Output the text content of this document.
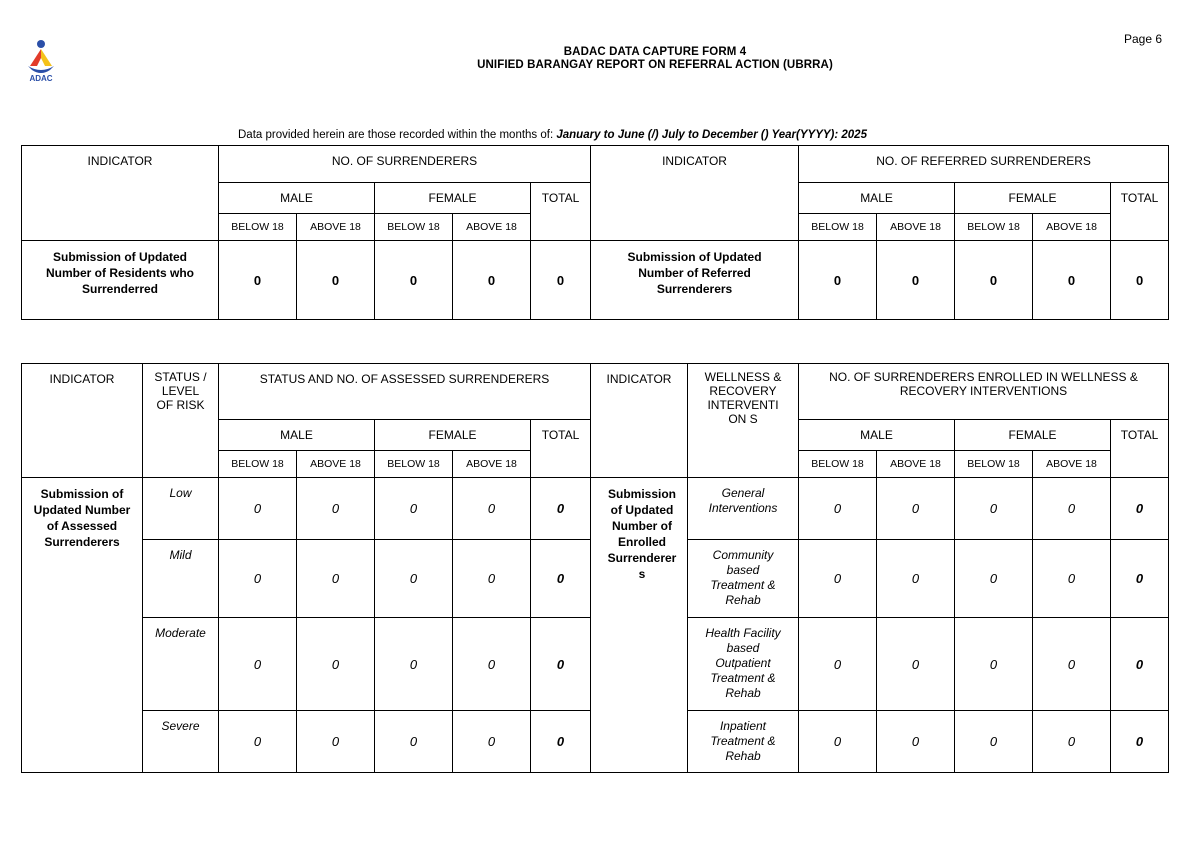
Page 6
ADAC
BADAC DATA CAPTURE FORM 4
UNIFIED BARANGAY REPORT ON REFERRAL ACTION (UBRRA)
Data provided herein are those recorded within the months of: January to June (/) July to December () Year(YYYY): 2025
INDICATOR	NO. OF SURRENDERERS					INDICATOR	NO. OF REFERRED SURRENDERERS				
	MALE		FEMALE		TOTAL		MALE		FEMALE		TOTAL
	BELOW 18	ABOVE 18	BELOW 18	ABOVE 18			BELOW 18	ABOVE 18	BELOW 18	ABOVE 18	
Submission of Updated Number of Residents who Surrenderred	0	0	0	0	0	Submission of Updated Number of Referred Surrenderers	0	0	0	0	0
INDICATOR	STATUS / LEVEL OF RISK	STATUS AND NO. OF ASSESSED SURRENDERERS					INDICATOR	WELLNESS & RECOVERY INTERVENTI ON S	NO. OF SURRENDERERS ENROLLED IN WELLNESS & RECOVERY INTERVENTIONS				
		MALE		FEMALE		TOTAL			MALE		FEMALE		TOTAL
		BELOW 18	ABOVE 18	BELOW 18	ABOVE 18				BELOW 18	ABOVE 18	BELOW 18	ABOVE 18	
Submission of Updated Number of Assessed Surrenderers	Low	0	0	0	0	0	Submission of Updated Number of Enrolled Surrenderer s	General Interventions	0	0	0	0	0
	Mild	0	0	0	0	0		Community based Treatment & Rehab	0	0	0	0	0
	Moderate	0	0	0	0	0		Health Facility based Outpatient Treatment & Rehab	0	0	0	0	0
	Severe	0	0	0	0	0		Inpatient Treatment & Rehab	0	0	0	0	0
